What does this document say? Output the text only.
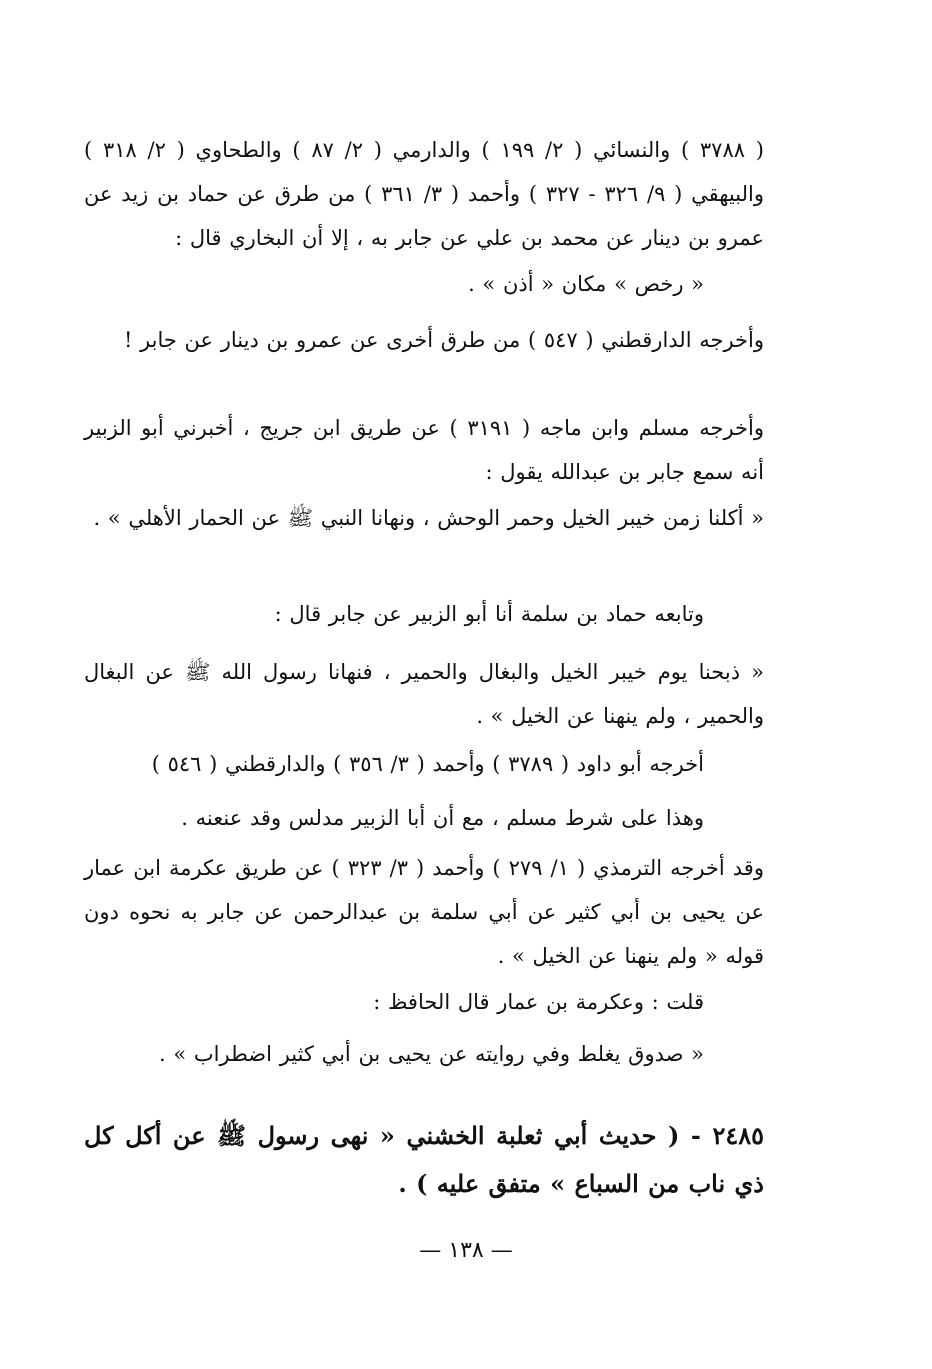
( ٣٧٨٨ ) والنسائي ( ٢/ ١٩٩ ) والدارمي ( ٢/ ٨٧ ) والطحاوي ( ٢/ ٣١٨ ) والبيهقي ( ٩/ ٣٢٦ - ٣٢٧ ) وأحمد ( ٣/ ٣٦١ ) من طرق عن حماد بن زيد عن عمرو بن دينار عن محمد بن علي عن جابر به ، إلا أن البخاري قال :

« رخص » مكان « أذن » .

وأخرجه الدارقطني ( ٥٤٧ ) من طرق أخرى عن عمرو بن دينار عن جابر !

وأخرجه مسلم وابن ماجه ( ٣١٩١ ) عن طريق ابن جريج ، أخبرني أبو الزبير أنه سمع جابر بن عبدالله يقول :

« أكلنا زمن خيبر الخيل وحمر الوحش ، ونهانا النبي ﷺ عن الحمار الأهلي » .

وتابعه حماد بن سلمة أنا أبو الزبير عن جابر قال :

« ذبحنا يوم خيبر الخيل والبغال والحمير ، فنهانا رسول الله ﷺ عن البغال والحمير ، ولم ينهنا عن الخيل » .

أخرجه أبو داود ( ٣٧٨٩ ) وأحمد ( ٣/ ٣٥٦ ) والدارقطني ( ٥٤٦ )

وهذا على شرط مسلم ، مع أن أبا الزبير مدلس وقد عنعنه .

وقد أخرجه الترمذي ( ١/ ٢٧٩ ) وأحمد ( ٣/ ٣٢٣ ) عن طريق عكرمة ابن عمار عن يحيى بن أبي كثير عن أبي سلمة بن عبدالرحمن عن جابر به نحوه دون قوله « ولم ينهنا عن الخيل » .

قلت : وعكرمة بن عمار قال الحافظ :

« صدوق يغلط وفي روايته عن يحيى بن أبي كثير اضطراب » .

٢٤٨٥ - ( حديث أبي ثعلبة الخشني « نهى رسول ﷺ عن أكل كل ذي ناب من السباع » متفق عليه ) .

— ١٣٨ —
